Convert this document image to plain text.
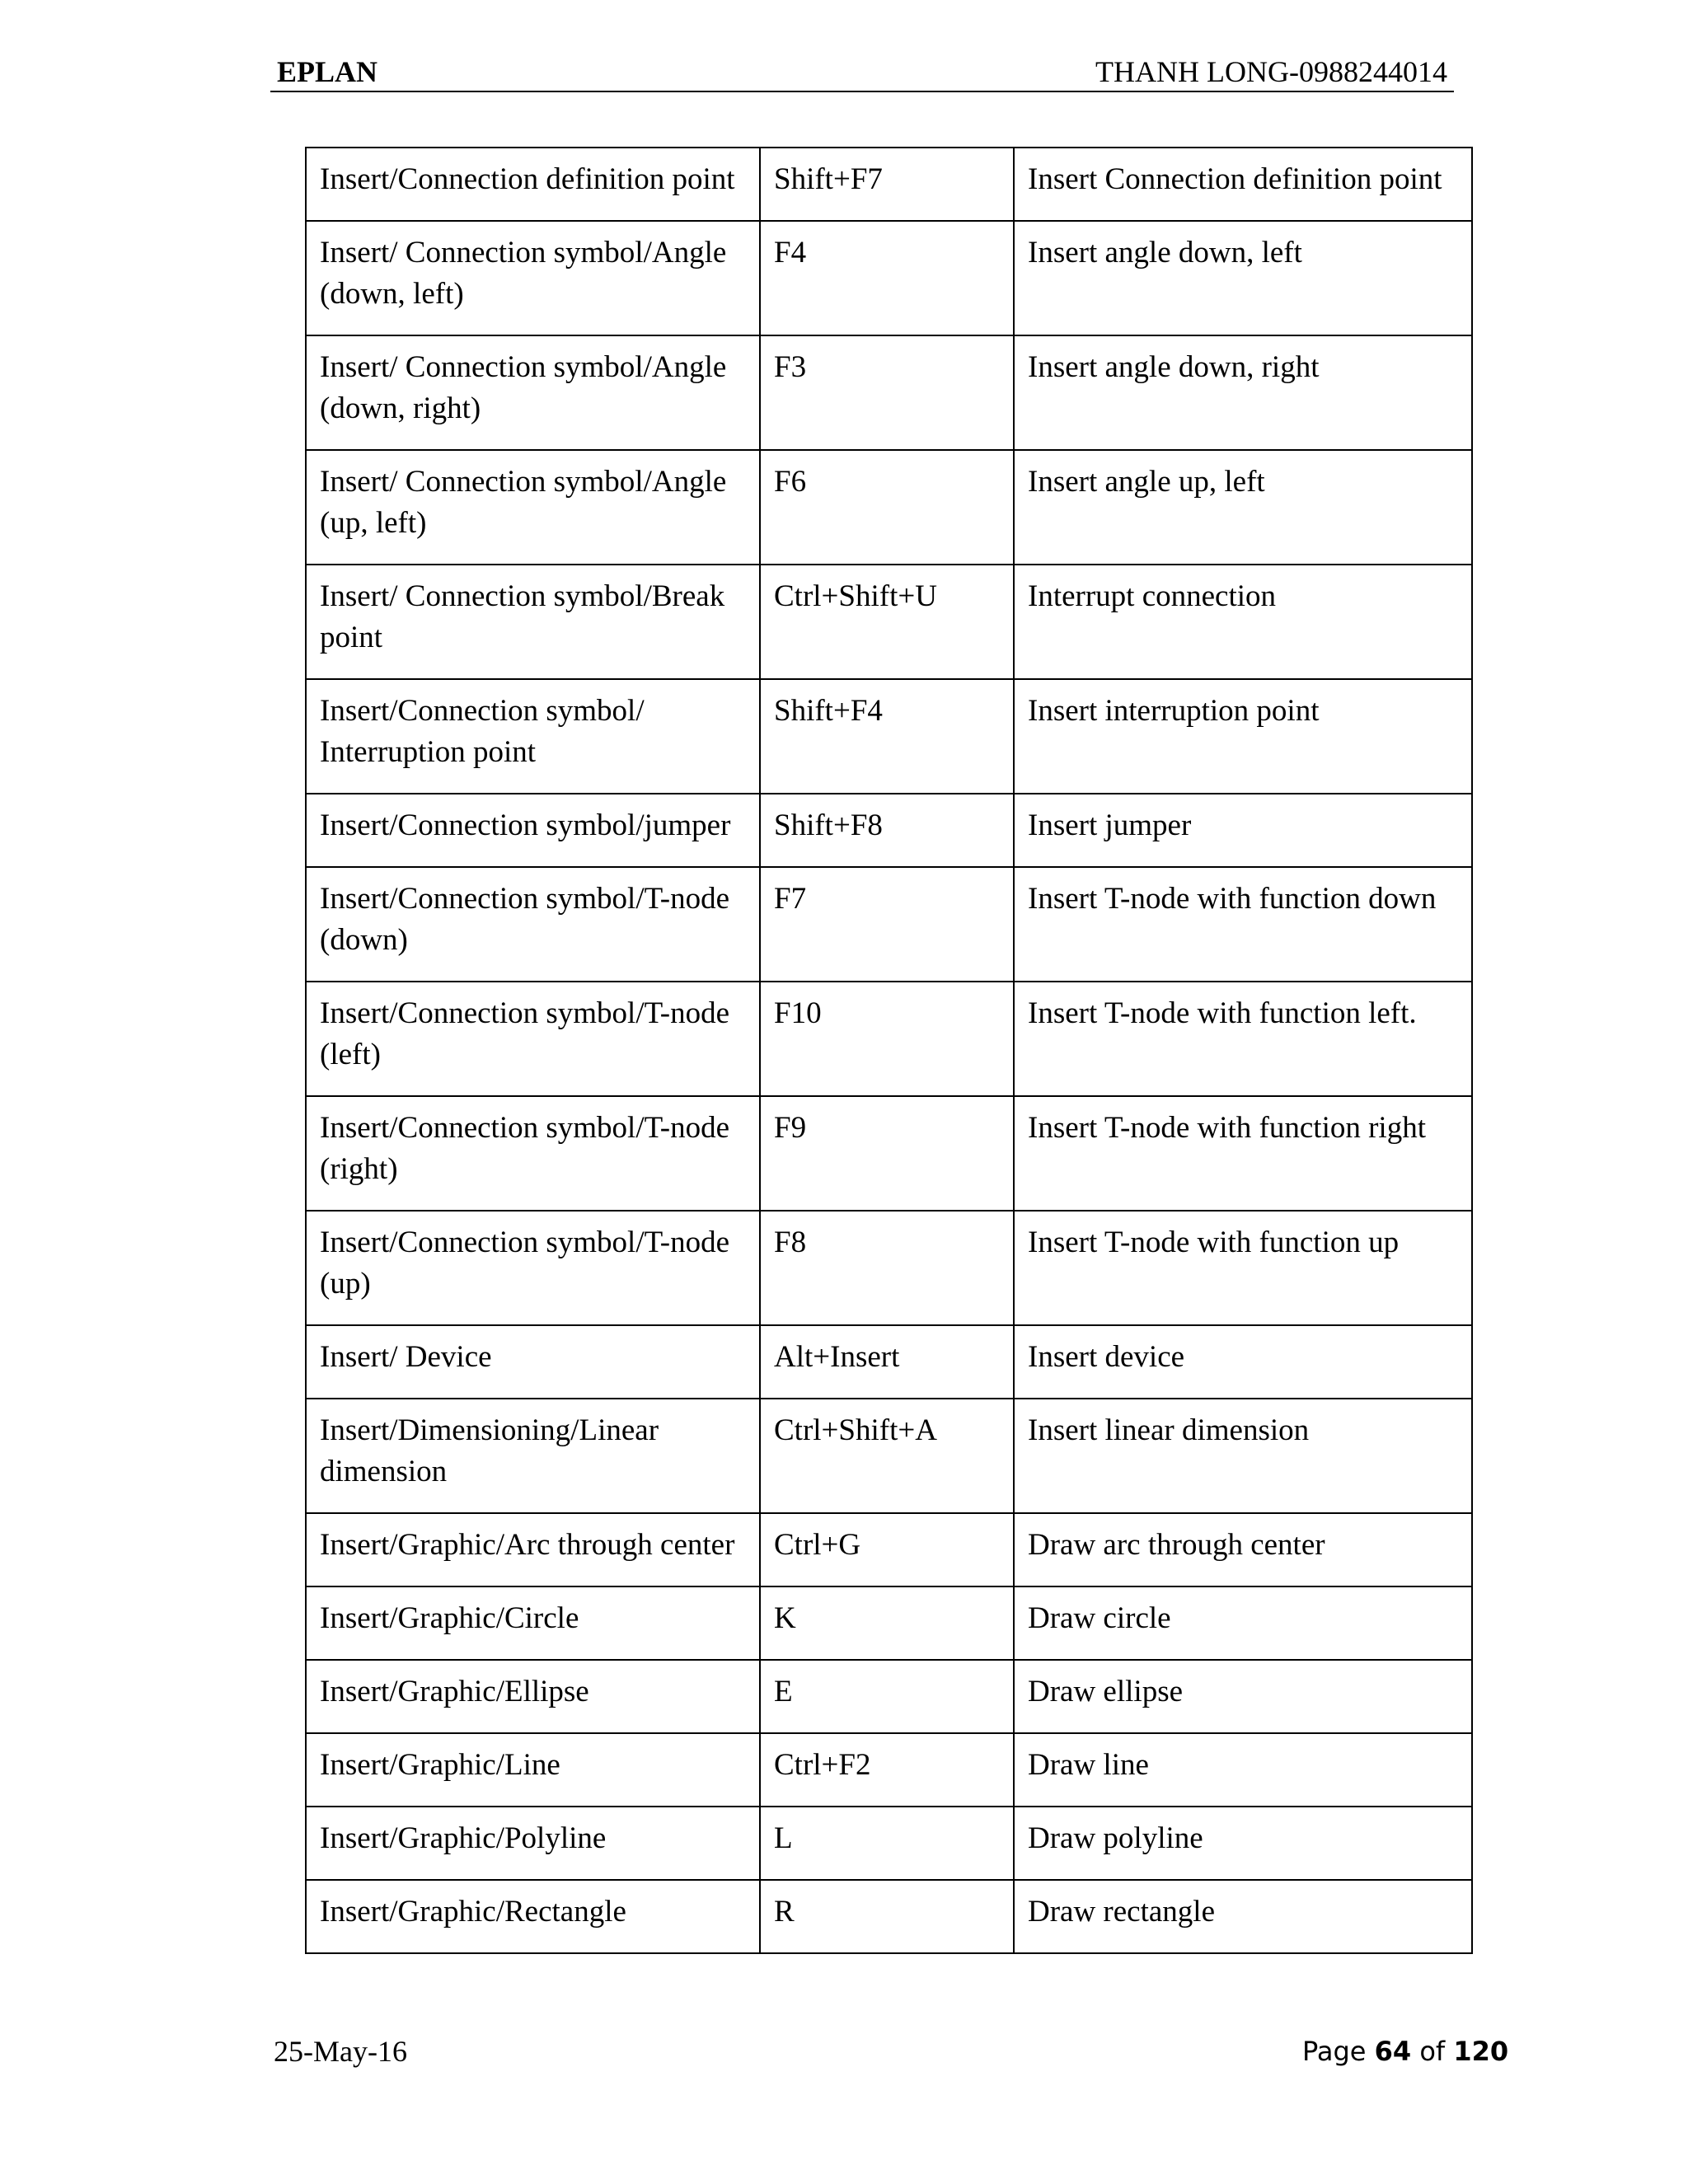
EPLAN	THANH LONG-0988244014
Insert/Connection definition point	Shift+F7	Insert Connection definition point
Insert/ Connection symbol/Angle (down, left)	F4	Insert angle down, left
Insert/ Connection symbol/Angle (down, right)	F3	Insert angle down, right
Insert/ Connection symbol/Angle (up, left)	F6	Insert angle up, left
Insert/ Connection symbol/Break point	Ctrl+Shift+U	Interrupt connection
Insert/Connection symbol/ Interruption point	Shift+F4	Insert interruption point
Insert/Connection symbol/jumper	Shift+F8	Insert jumper
Insert/Connection symbol/T-node (down)	F7	Insert T-node with function down
Insert/Connection symbol/T-node (left)	F10	Insert T-node with function left.
Insert/Connection symbol/T-node (right)	F9	Insert T-node with function right
Insert/Connection symbol/T-node (up)	F8	Insert T-node with function up
Insert/ Device	Alt+Insert	Insert device
Insert/Dimensioning/Linear dimension	Ctrl+Shift+A	Insert linear dimension
Insert/Graphic/Arc through center	Ctrl+G	Draw arc through center
Insert/Graphic/Circle	K	Draw circle
Insert/Graphic/Ellipse	E	Draw ellipse
Insert/Graphic/Line	Ctrl+F2	Draw line
Insert/Graphic/Polyline	L	Draw polyline
Insert/Graphic/Rectangle	R	Draw rectangle
25-May-16	Page 64 of 120
